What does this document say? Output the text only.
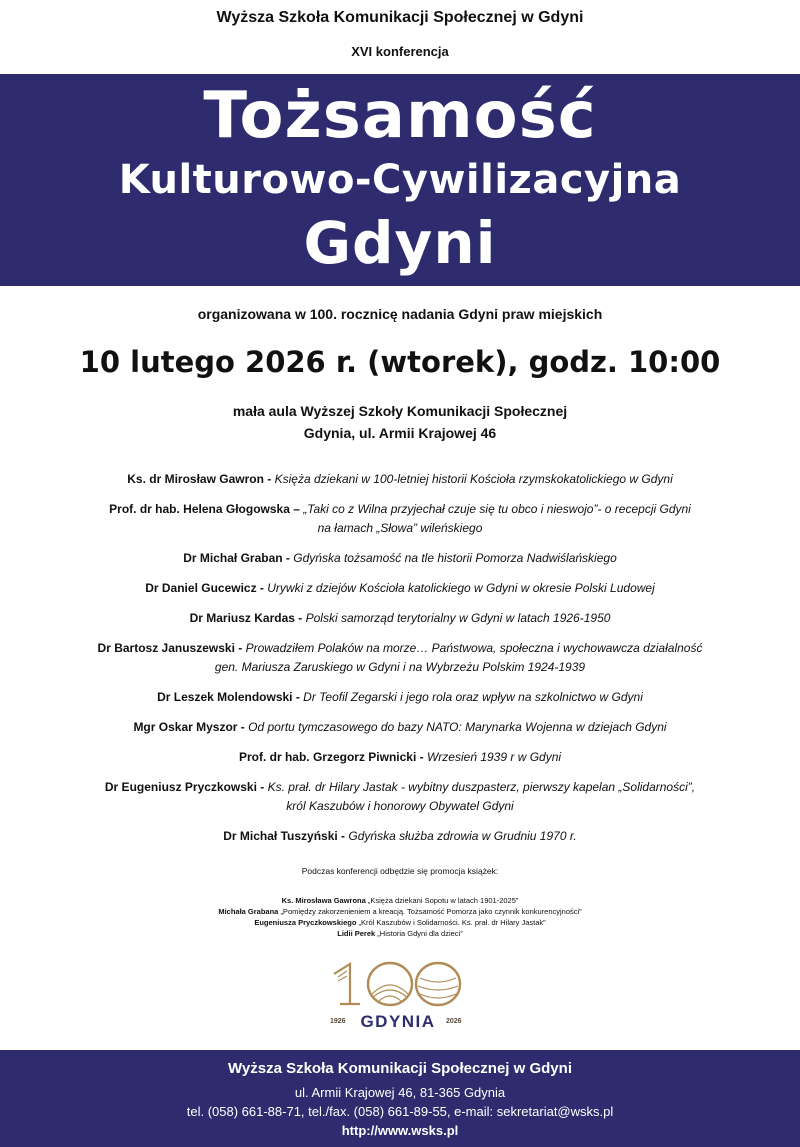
Wyższa Szkoła Komunikacji Społecznej w Gdyni
XVI konferencja
Tożsamość
Kulturowo-Cywilizacyjna
Gdyni
organizowana w 100. rocznicę nadania Gdyni praw miejskich
10 lutego 2026 r. (wtorek), godz. 10:00
mała aula Wyższej Szkoły Komunikacji Społecznej
Gdynia, ul. Armii Krajowej 46
Ks. dr Mirosław Gawron - Księża dziekani w 100-letniej historii Kościoła rzymskokatolickiego w Gdyni
Prof. dr hab. Helena Głogowska – „Taki co z Wilna przyjechał czuje się tu obco i nieswojo”- o recepcji Gdyni
na łamach „Słowa” wileńskiego
Dr Michał Graban - Gdyńska tożsamość na tle historii Pomorza Nadwiślańskiego
Dr Daniel Gucewicz - Urywki z dziejów Kościoła katolickiego w Gdyni w okresie Polski Ludowej
Dr Mariusz Kardas - Polski samorząd terytorialny w Gdyni w latach 1926-1950
Dr Bartosz Januszewski - Prowadziłem Polaków na morze… Państwowa, społeczna i wychowawcza działalność
gen. Mariusza Zaruskiego w Gdyni i na Wybrzeżu Polskim 1924-1939
Dr Leszek Molendowski - Dr Teofil Zegarski i jego rola oraz wpływ na szkolnictwo w Gdyni
Mgr Oskar Myszor - Od portu tymczasowego do bazy NATO: Marynarka Wojenna w dziejach Gdyni
Prof. dr hab. Grzegorz Piwnicki - Wrzesień 1939 r w Gdyni
Dr Eugeniusz Pryczkowski - Ks. prał. dr Hilary Jastak - wybitny duszpasterz, pierwszy kapelan „Solidarności”,
król Kaszubów i honorowy Obywatel Gdyni
Dr Michał Tuszyński - Gdyńska służba zdrowia w Grudniu 1970 r.
Podczas konferencji odbędzie się promocja książek:
Ks. Mirosława Gawrona „Księża dziekani Sopotu w latach 1901-2025”
Michała Grabana „Pomiędzy zakorzenieniem a kreacją. Tożsamość Pomorza jako czynnik konkurencyjności”
Eugeniusza Pryczkowskiego „Król Kaszubów i Solidarności. Ks. prał. dr Hilary Jastak”
Lidii Perek „Historia Gdyni dla dzieci”
1926 GDYNIA	2026
Wyższa Szkoła Komunikacji Społecznej w Gdyni
ul. Armii Krajowej 46, 81-365 Gdynia
tel. (058) 661-88-71, tel./fax. (058) 661-89-55, e-mail: sekretariat@wsks.pl
http://www.wsks.pl
